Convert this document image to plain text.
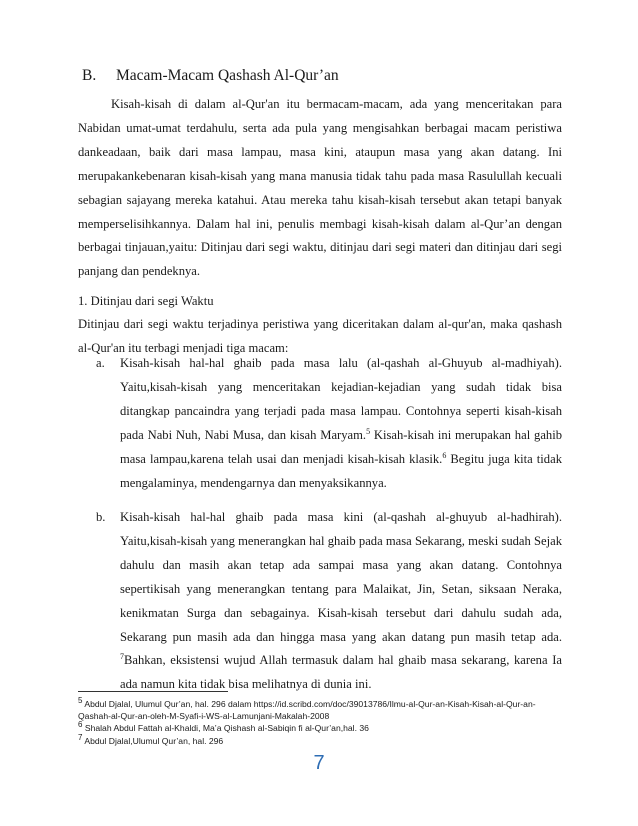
B. Macam-Macam Qashash Al-Qur’an
Kisah-kisah di dalam al-Qur'an itu bermacam-macam, ada yang menceritakan para Nabidan umat-umat terdahulu, serta ada pula yang mengisahkan berbagai macam peristiwa dankeadaan, baik dari masa lampau, masa kini, ataupun masa yang akan datang. Ini merupakankebenaran kisah-kisah yang mana manusia tidak tahu pada masa Rasulullah kecuali sebagian sajayang mereka katahui. Atau mereka tahu kisah-kisah tersebut akan tetapi banyak memperselisihkannya. Dalam hal ini, penulis membagi kisah-kisah dalam al-Qur’an dengan berbagai tinjauan,yaitu: Ditinjau dari segi waktu, ditinjau dari segi materi dan ditinjau dari segi panjang dan pendeknya.
1. Ditinjau dari segi Waktu
Ditinjau dari segi waktu terjadinya peristiwa yang diceritakan dalam al-qur'an, maka qashash al-Qur'an itu terbagi menjadi tiga macam:
a. Kisah-kisah hal-hal ghaib pada masa lalu (al-qashah al-Ghuyub al-madhiyah). Yaitu,kisah-kisah yang menceritakan kejadian-kejadian yang sudah tidak bisa ditangkap pancaindra yang terjadi pada masa lampau. Contohnya seperti kisah-kisah pada Nabi Nuh, Nabi Musa, dan kisah Maryam.$^5$ Kisah-kisah ini merupakan hal gahib masa lampau,karena telah usai dan menjadi kisah-kisah klasik.$^6$ Begitu juga kita tidak mengalaminya, mendengarnya dan menyaksikannya.
b. Kisah-kisah hal-hal ghaib pada masa kini (al-qashah al-ghuyub al-hadhirah). Yaitu,kisah-kisah yang menerangkan hal ghaib pada masa Sekarang, meski sudah Sejak dahulu dan masih akan tetap ada sampai masa yang akan datang. Contohnya sepertikisah yang menerangkan tentang para Malaikat, Jin, Setan, siksaan Neraka, kenikmatan Surga dan sebagainya. Kisah-kisah tersebut dari dahulu sudah ada, Sekarang pun masih ada dan hingga masa yang akan datang pun masih tetap ada. $^7$Bahkan, eksistensi wujud Allah termasuk dalam hal ghaib masa sekarang, karena Ia ada namun kita tidak bisa melihatnya di dunia ini.

$^5$ Abdul Djalal, Ulumul Qur’an, hal. 296 dalam https://id.scribd.com/doc/39013786/Ilmu-al-Qur-an-Kisah-Kisah-al-Qur-an-Qashah-al-Qur-an-oleh-M-Syafi-i-WS-al-Lamunjani-Makalah-2008

$^6$ Shalah Abdul Fattah al-Khaldi, Ma’a Qishash al-Sabiqin fi al-Qur’an,hal. 36

$^7$ Abdul Djalal,Ulumul Qur’an, hal. 296

7
